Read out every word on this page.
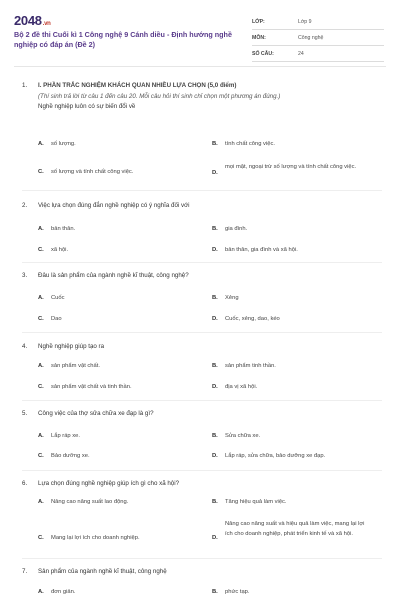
2048.vn
Bộ 2 đề thi Cuối kì 1 Công nghệ 9 Cánh diều - Định hướng nghề nghiệp có đáp án (Đề 2)
LỚP:	Lớp 9
MÔN:	Công nghệ
SỐ CÂU:	24
1.	I. PHẦN TRẮC NGHIỆM KHÁCH QUAN NHIỀU LỰA CHỌN (5,0 điểm)
(Thí sinh trả lời từ câu 1 đến câu 20. Mỗi câu hỏi thí sinh chỉ chọn một phương án đúng.)
Nghề nghiệp luôn có sự biến đổi về
A. số lượng.	B. tính chất công việc.
C. số lượng và tính chất công việc.	D.
mọi mặt, ngoại trừ số lượng và tính chất công việc.
2.	Việc lựa chọn đúng đắn nghề nghiệp có ý nghĩa đối với
A. bản thân.	B. gia đình.
C. xã hội.	D. bản thân, gia đình và xã hội.
3.	Đâu là sản phẩm của ngành nghề kĩ thuật, công nghệ?
A. Cuốc	B. Xẻng
C. Dao	D. Cuốc, xẻng, dao, kéo
4.	Nghề nghiệp giúp tạo ra
A. sản phẩm vật chất.	B. sản phẩm tinh thần.
C. sản phẩm vật chất và tinh thần.	D. địa vị xã hội.
5.	Công việc của thợ sửa chữa xe đạp là gì?
A. Lắp ráp xe.	B. Sửa chữa xe.
C. Bảo dưỡng xe.	D. Lắp ráp, sửa chữa, bảo dưỡng xe đạp.
6.	Lựa chọn đúng nghề nghiệp giúp ích gì cho xã hội?
A. Nâng cao năng suất lao động.	B. Tăng hiệu quả làm việc.
C. Mang lại lợi ích cho doanh nghiệp.	D.
Nâng cao năng suất và hiệu quả làm việc, mang lại lợi ích cho doanh nghiệp, phát triển kinh tế và xã hội.
7.	Sản phẩm của ngành nghề kĩ thuật, công nghệ
A. đơn giản.	B. phức tạp.
